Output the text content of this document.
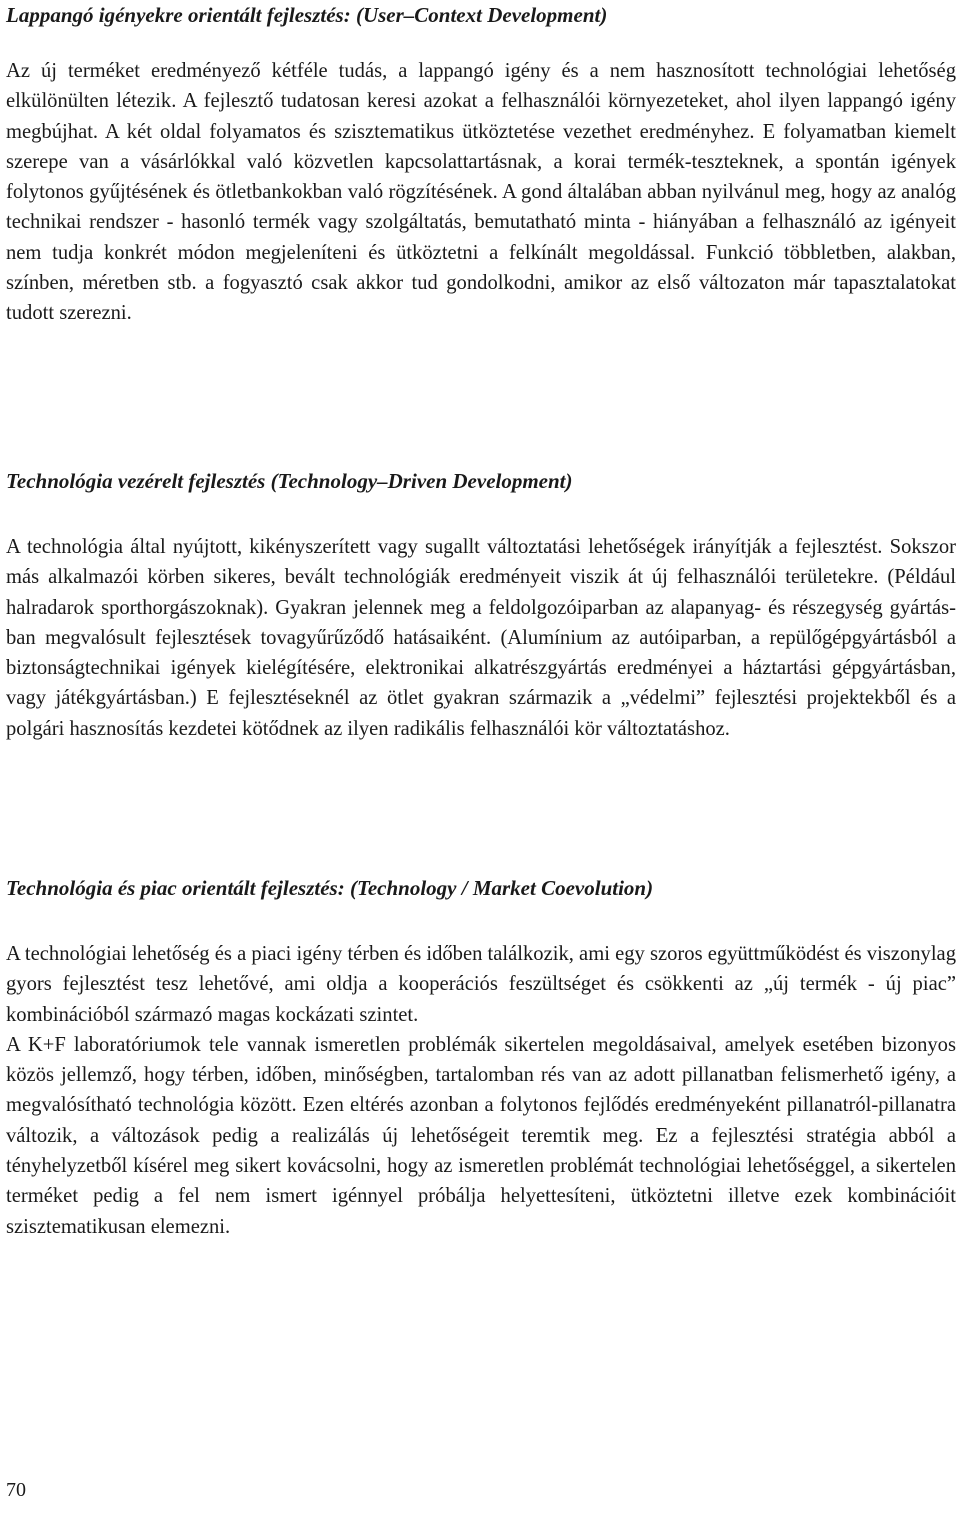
Lappangó igényekre orientált fejlesztés: (User–Context Development)

Az új terméket eredményező kétféle tudás, a lappangó igény és a nem hasznosított technológiai lehetőség elkülönülten létezik. A fejlesztő tudatosan keresi azokat a felhasználói környezeteket, ahol ilyen lappangó igény megbújhat. A két oldal folyamatos és szisztematikus ütköztetése vezethet eredményhez. E folyamatban kiemelt szerepe van a vásárlókkal való közvetlen kapcsolattartásnak, a korai termék-teszteknek, a spontán igények folytonos gyűjtésének és ötletbankokban való rögzítésének. A gond általában abban nyilvánul meg, hogy az analóg technikai rendszer - hasonló termék vagy szolgáltatás, bemutatható minta - hiányában a felhasználó az igényeit nem tudja konkrét módon megjeleníteni és ütköztetni a felkínált megoldással. Funkció többletben, alakban, színben, méretben stb. a fogyasztó csak akkor tud gondolkodni, amikor az első változaton már tapasztalatokat tudott szerezni.

Technológia vezérelt fejlesztés (Technology–Driven Development)

A technológia által nyújtott, kikényszerített vagy sugallt változtatási lehetőségek irányítják a fejlesztést. Sokszor más alkalmazói körben sikeres, bevált technológiák eredményeit viszik át új felhasználói területekre. (Például halradarok sporthorgászoknak). Gyakran jelennek meg a feldolgozóiparban az alapanyag- és részegység gyártásban megvalósult fejlesztések tovagyűrűződő hatásaiként. (Alumínium az autóiparban, a repülőgépgyártásból a biztonságtechnikai igények kielégítésére, elektronikai alkatrészgyártás eredményei a háztartási gépgyártásban, vagy játékgyártásban.) E fejlesztéseknél az ötlet gyakran származik a „védelmi” fejlesztési projektekből és a polgári hasznosítás kezdetei kötődnek az ilyen radikális felhasználói kör változtatáshoz.

Technológia és piac orientált fejlesztés: (Technology / Market Coevolution)

A technológiai lehetőség és a piaci igény térben és időben találkozik, ami egy szoros együttműködést és viszonylag gyors fejlesztést tesz lehetővé, ami oldja a kooperációs feszültséget és csökkenti az „új termék - új piac” kombinációból származó magas kockázati szintet.

A K+F laboratóriumok tele vannak ismeretlen problémák sikertelen megoldásaival, amelyek esetében bizonyos közös jellemző, hogy térben, időben, minőségben, tartalomban rés van az adott pillanatban felismerhető igény, a megvalósítható technológia között. Ezen eltérés azonban a folytonos fejlődés eredményeként pillanatról-pillanatra változik, a változások pedig a realizálás új lehetőségeit teremtik meg. Ez a fejlesztési stratégia abból a tényhelyzetből kísérel meg sikert kovácsolni, hogy az ismeretlen problémát technológiai lehetőséggel, a sikertelen terméket pedig a fel nem ismert igénnyel próbálja helyettesíteni, ütköztetni illetve ezek kombinációit szisztematikusan elemezni.

70
